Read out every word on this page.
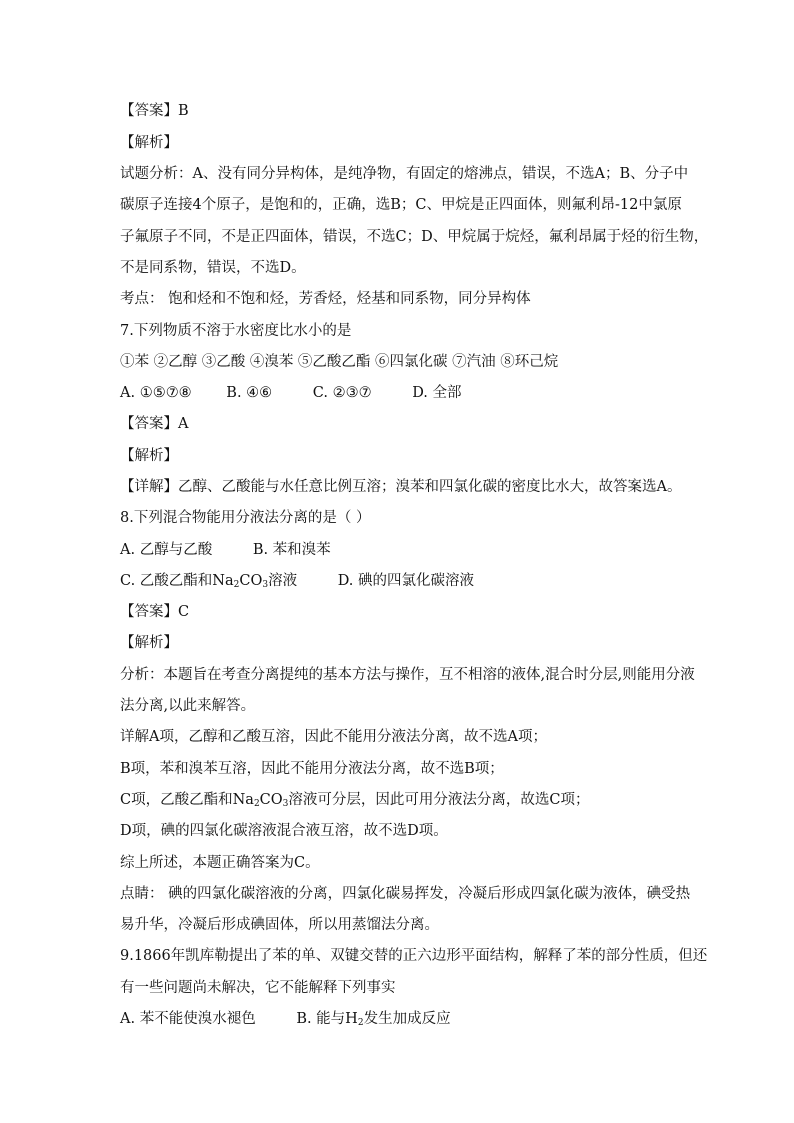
【答案】B
【解析】
试题分析：A、没有同分异构体，是纯净物，有固定的熔沸点，错误，不选A；B、分子中
碳原子连接4个原子，是饱和的，正确，选B；C、甲烷是正四面体，则氟利昂-12中氯原
子氟原子不同，不是正四面体，错误，不选C；D、甲烷属于烷烃，氟利昂属于烃的衍生物，
不是同系物，错误，不选D。
考点： 饱和烃和不饱和烃，芳香烃，烃基和同系物，同分异构体
7.下列物质不溶于水密度比水小的是
①苯 ②乙醇 ③乙酸 ④溴苯 ⑤乙酸乙酯 ⑥四氯化碳 ⑦汽油 ⑧环己烷
A. ①⑤⑦⑧ B. ④⑥	C. ②③⑦	D. 全部
【答案】A
【解析】
【详解】乙醇、乙酸能与水任意比例互溶；溴苯和四氯化碳的密度比水大，故答案选A。
8.下列混合物能用分液法分离的是（ ）
A. 乙醇与乙酸	B. 苯和溴苯
C. 乙酸乙酯和$Na_2CO_3$溶液	D. 碘的四氯化碳溶液
【答案】C
【解析】
分析：本题旨在考查分离提纯的基本方法与操作，互不相溶的液体,混合时分层,则能用分液
法分离,以此来解答。
详解A项，乙醇和乙酸互溶，因此不能用分液法分离，故不选A项；
B项，苯和溴苯互溶，因此不能用分液法分离，故不选B项；
C项，乙酸乙酯和$Na_2CO_3$溶液可分层，因此可用分液法分离，故选C项；
D项，碘的四氯化碳溶液混合液互溶，故不选D项。
综上所述，本题正确答案为C。
点睛： 碘的四氯化碳溶液的分离，四氯化碳易挥发，冷凝后形成四氯化碳为液体，碘受热
易升华，冷凝后形成碘固体，所以用蒸馏法分离。
9.1866年凯库勒提出了苯的单、双键交替的正六边形平面结构，解释了苯的部分性质，但还
有一些问题尚未解决，它不能解释下列事实
A. 苯不能使溴水褪色	B. 能与$H_2$发生加成反应
